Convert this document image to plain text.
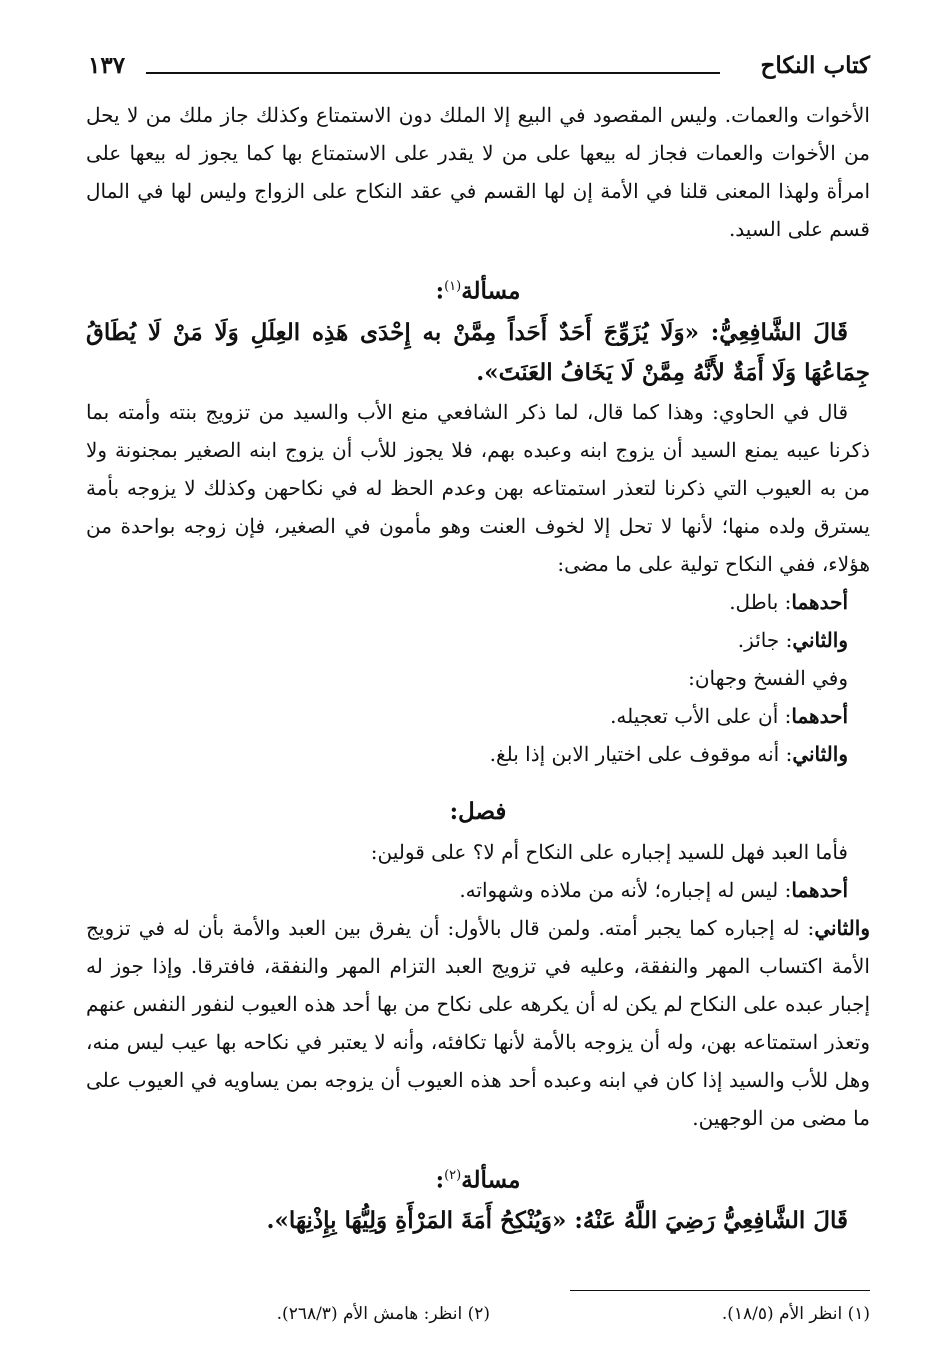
كتاب النكاح
١٣٧

الأخوات والعمات. وليس المقصود في البيع إلا الملك دون الاستمتاع وكذلك جاز ملك من لا يحل من الأخوات والعمات فجاز له بيعها على من لا يقدر على الاستمتاع بها كما يجوز له بيعها على امرأة ولهذا المعنى قلنا في الأمة إن لها القسم في عقد النكاح على الزواج وليس لها في المال قسم على السيد.

مسألة$^{(١)}$:

قَالَ الشَّافِعِيُّ: «وَلَا يُزَوِّجَ أَحَدٌ أَحَداً مِمَّنْ به إِحْدَى هَذِه العِلَلِ وَلَا مَنْ لَا يُطَاقُ جِمَاعُهَا وَلَا أَمَةٌ لأَنَّهُ مِمَّنْ لَا يَخَافُ العَنَتَ».

قال في الحاوي: وهذا كما قال، لما ذكر الشافعي منع الأب والسيد من تزويج بنته وأمته بما ذكرنا عيبه يمنع السيد أن يزوج ابنه وعبده بهم، فلا يجوز للأب أن يزوج ابنه الصغير بمجنونة ولا من به العيوب التي ذكرنا لتعذر استمتاعه بهن وعدم الحظ له في نكاحهن وكذلك لا يزوجه بأمة يسترق ولده منها؛ لأنها لا تحل إلا لخوف العنت وهو مأمون في الصغير، فإن زوجه بواحدة من هؤلاء، ففي النكاح تولية على ما مضى:

أحدهما: باطل.

والثاني: جائز.

وفي الفسخ وجهان:

أحدهما: أن على الأب تعجيله.

والثاني: أنه موقوف على اختيار الابن إذا بلغ.

فصل:

فأما العبد فهل للسيد إجباره على النكاح أم لا؟ على قولين:

أحدهما: ليس له إجباره؛ لأنه من ملاذه وشهواته.

والثاني: له إجباره كما يجبر أمته. ولمن قال بالأول: أن يفرق بين العبد والأمة بأن له في تزويج الأمة اكتساب المهر والنفقة، وعليه في تزويج العبد التزام المهر والنفقة، فافترقا. وإذا جوز له إجبار عبده على النكاح لم يكن له أن يكرهه على نكاح من بها أحد هذه العيوب لنفور النفس عنهم وتعذر استمتاعه بهن، وله أن يزوجه بالأمة لأنها تكافئه، وأنه لا يعتبر في نكاحه بها عيب ليس منه، وهل للأب والسيد إذا كان في ابنه وعبده أحد هذه العيوب أن يزوجه بمن يساويه في العيوب على ما مضى من الوجهين.

مسألة$^{(٢)}$:

قَالَ الشَّافِعِيُّ رَضِيَ اللَّهُ عَنْهُ: «وَيُنْكِحُ أَمَةَ المَرْأَةِ وَلِيُّهَا بِإِذْنِهَا».

(١) انظر الأم (١٨/٥).
(٢) انظر: هامش الأم (٢٦٨/٣).
